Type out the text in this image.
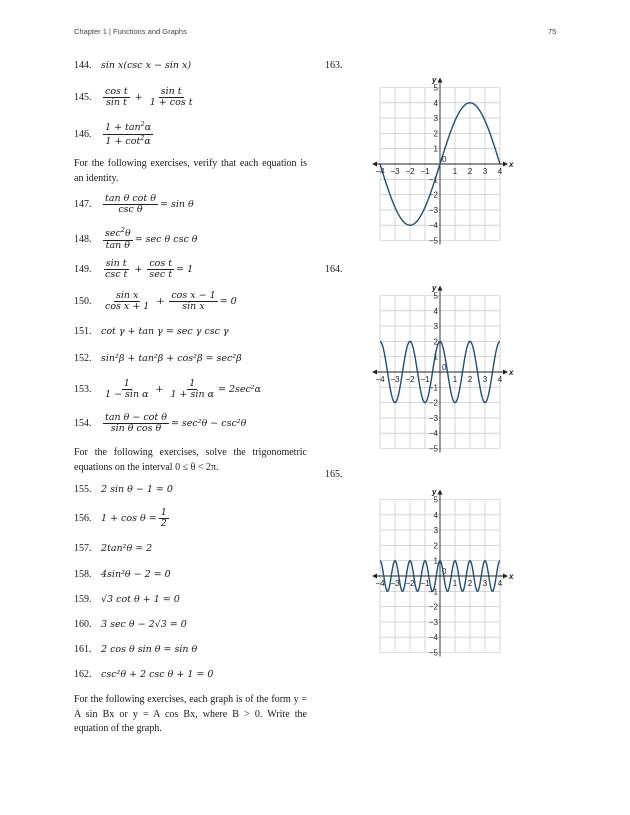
Chapter 1 | Functions and Graphs	75
144.	sin x(csc x − sin x)
145.	$\frac{\text{cos t}}{\text{sin t}} + \frac{\text{sin t}}{\text{1 + cos t}}$
146.	$\frac{1 + \tan^2\alpha}{1 + \cot^2\alpha}$
For the following exercises, verify that each equation is an identity.
147.	$\frac{\text{tan θ cot θ}}{\text{csc θ}} = \sin \theta$
148.	$\frac{\sec^2\theta}{\text{tan θ}} = \sec \theta$ csc θ
149.	$\frac{\text{sin t}}{\text{csc t}} + \frac{\text{cos t}}{\text{sec t}} = 1$
150.	$\frac{\text{sin x}}{\text{cos x + 1}} + \frac{\text{cos x − 1}}{\text{sin x}} = 0$
151.	cot γ + tan γ = sec γ csc γ
152.	sin²β + tan²β + cos²β = sec²β
153.	$\frac{1}{\text{1 − sin α}} + \frac{1}{\text{1 + sin α}} = 2\sec^2\alpha$
154.	$\frac{\text{tan θ − cot θ}}{\text{sin θ cos θ}} = \sec^2\theta - \csc^2\theta$
For the following exercises, solve the trigonometric equations on the interval 0 ≤ θ < 2π.
155.	2 sin θ − 1 = 0
156.	$1 + \cos \theta = \frac{1}{2}$
157.	2tan²θ = 2
158.	4sin²θ − 2 = 0
159.	√3 cot θ + 1 = 0
160.	3 sec θ − 2√3 = 0
161.	2 cos θ sin θ = sin θ
162.	csc²θ + 2 csc θ + 1 = 0
For the following exercises, each graph is of the form y = A sin Bx or y = A cos Bx, where B > 0. Write the equation of the graph.
163.
164.
165.
−4 −3 −2 −1	1 2 3 4
5
4
3
2
1
−1
−2
−3
−4
−5
0
x
y
−4 −3 −2 −1	1 2 3 4
5
4
3
2
1
−1
−2
−3
−4
−5
0
x
y
−4 −3 −2 −1	1 2 3 4
5
4
3
2
1
−1
−2
−3
−4
−5
0
x
y
